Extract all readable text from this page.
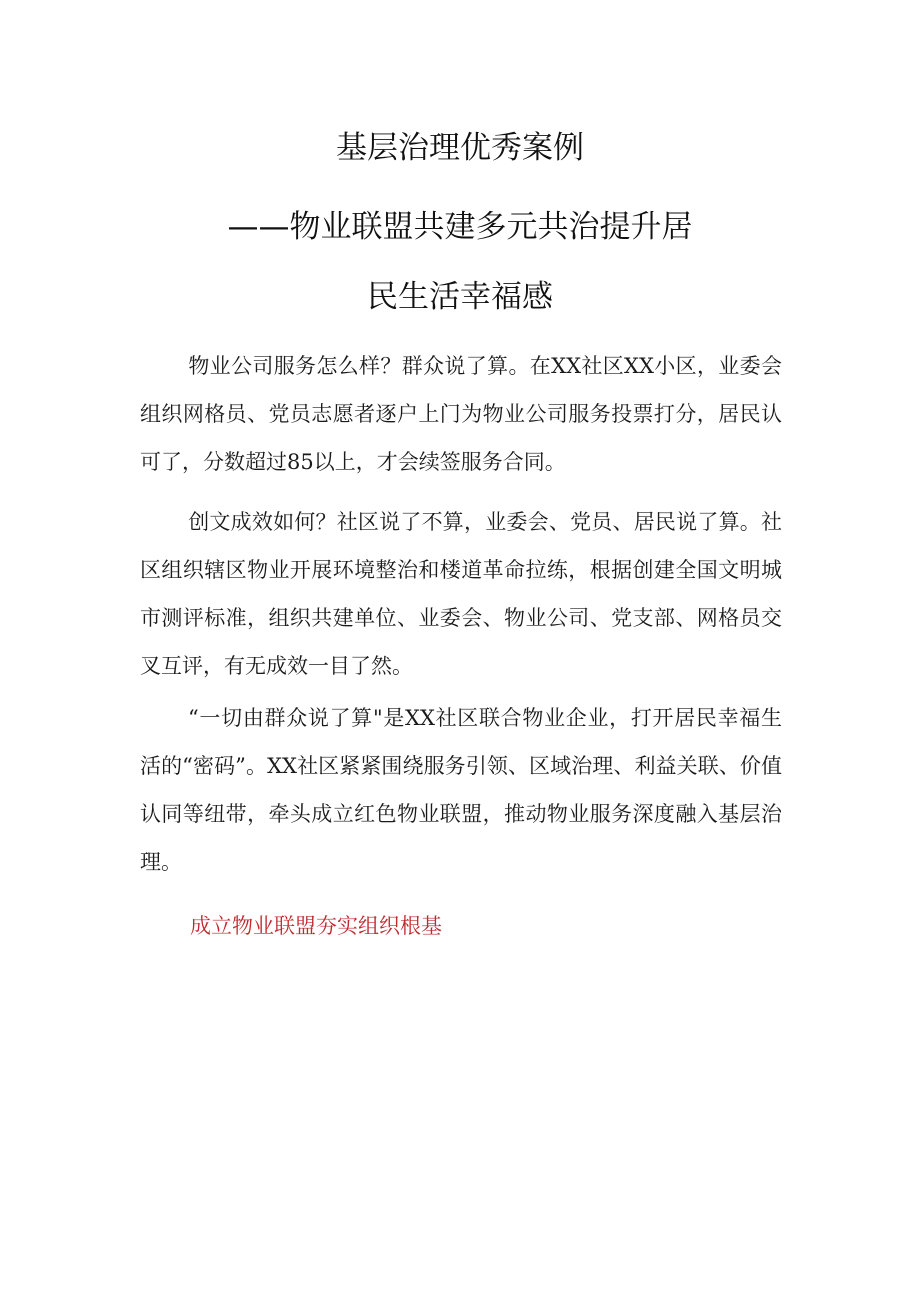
基层治理优秀案例
——物业联盟共建多元共治提升居
民生活幸福感

物业公司服务怎么样？群众说了算。在XX社区XX小区，业委会组织网格员、党员志愿者逐户上门为物业公司服务投票打分，居民认可了，分数超过85以上，才会续签服务合同。

创文成效如何？社区说了不算，业委会、党员、居民说了算。社区组织辖区物业开展环境整治和楼道革命拉练，根据创建全国文明城市测评标准，组织共建单位、业委会、物业公司、党支部、网格员交叉互评，有无成效一目了然。

“一切由群众说了算"是XX社区联合物业企业，打开居民幸福生活的“密码”。XX社区紧紧围绕服务引领、区域治理、利益关联、价值认同等纽带，牵头成立红色物业联盟，推动物业服务深度融入基层治理。

成立物业联盟夯实组织根基
